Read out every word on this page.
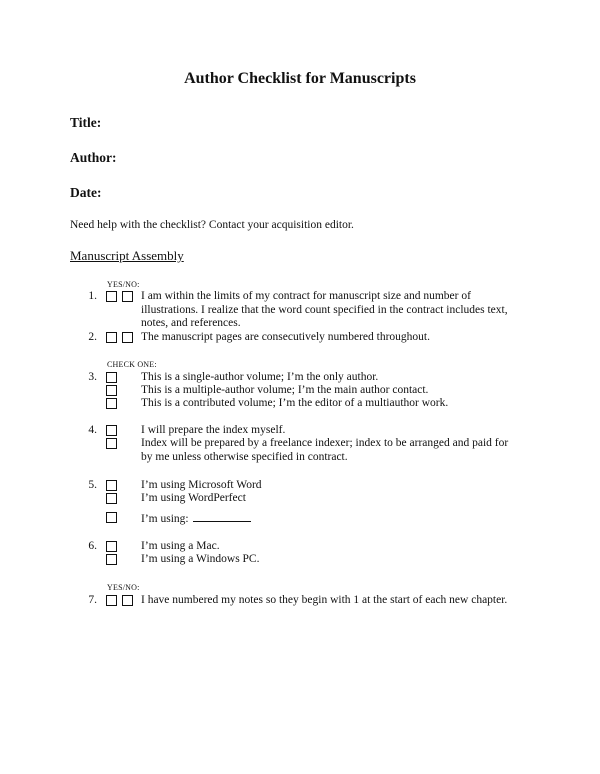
Author Checklist for Manuscripts
Title:
Author:
Date:
Need help with the checklist? Contact your acquisition editor.
Manuscript Assembly
YES/NO:
1.	I am within the limits of my contract for manuscript size and number of
illustrations. I realize that the word count specified in the contract includes text,
notes, and references.
2.	The manuscript pages are consecutively numbered throughout.
CHECK ONE:
3.	This is a single-author volume; I’m the only author.
This is a multiple-author volume; I’m the main author contact.
This is a contributed volume; I’m the editor of a multiauthor work.
4.	I will prepare the index myself.
Index will be prepared by a freelance indexer; index to be arranged and paid for
by me unless otherwise specified in contract.
5.	I’m using Microsoft Word
I’m using WordPerfect
I’m using:
6.	I’m using a Mac.
I’m using a Windows PC.
YES/NO:
7.	I have numbered my notes so they begin with 1 at the start of each new chapter.
